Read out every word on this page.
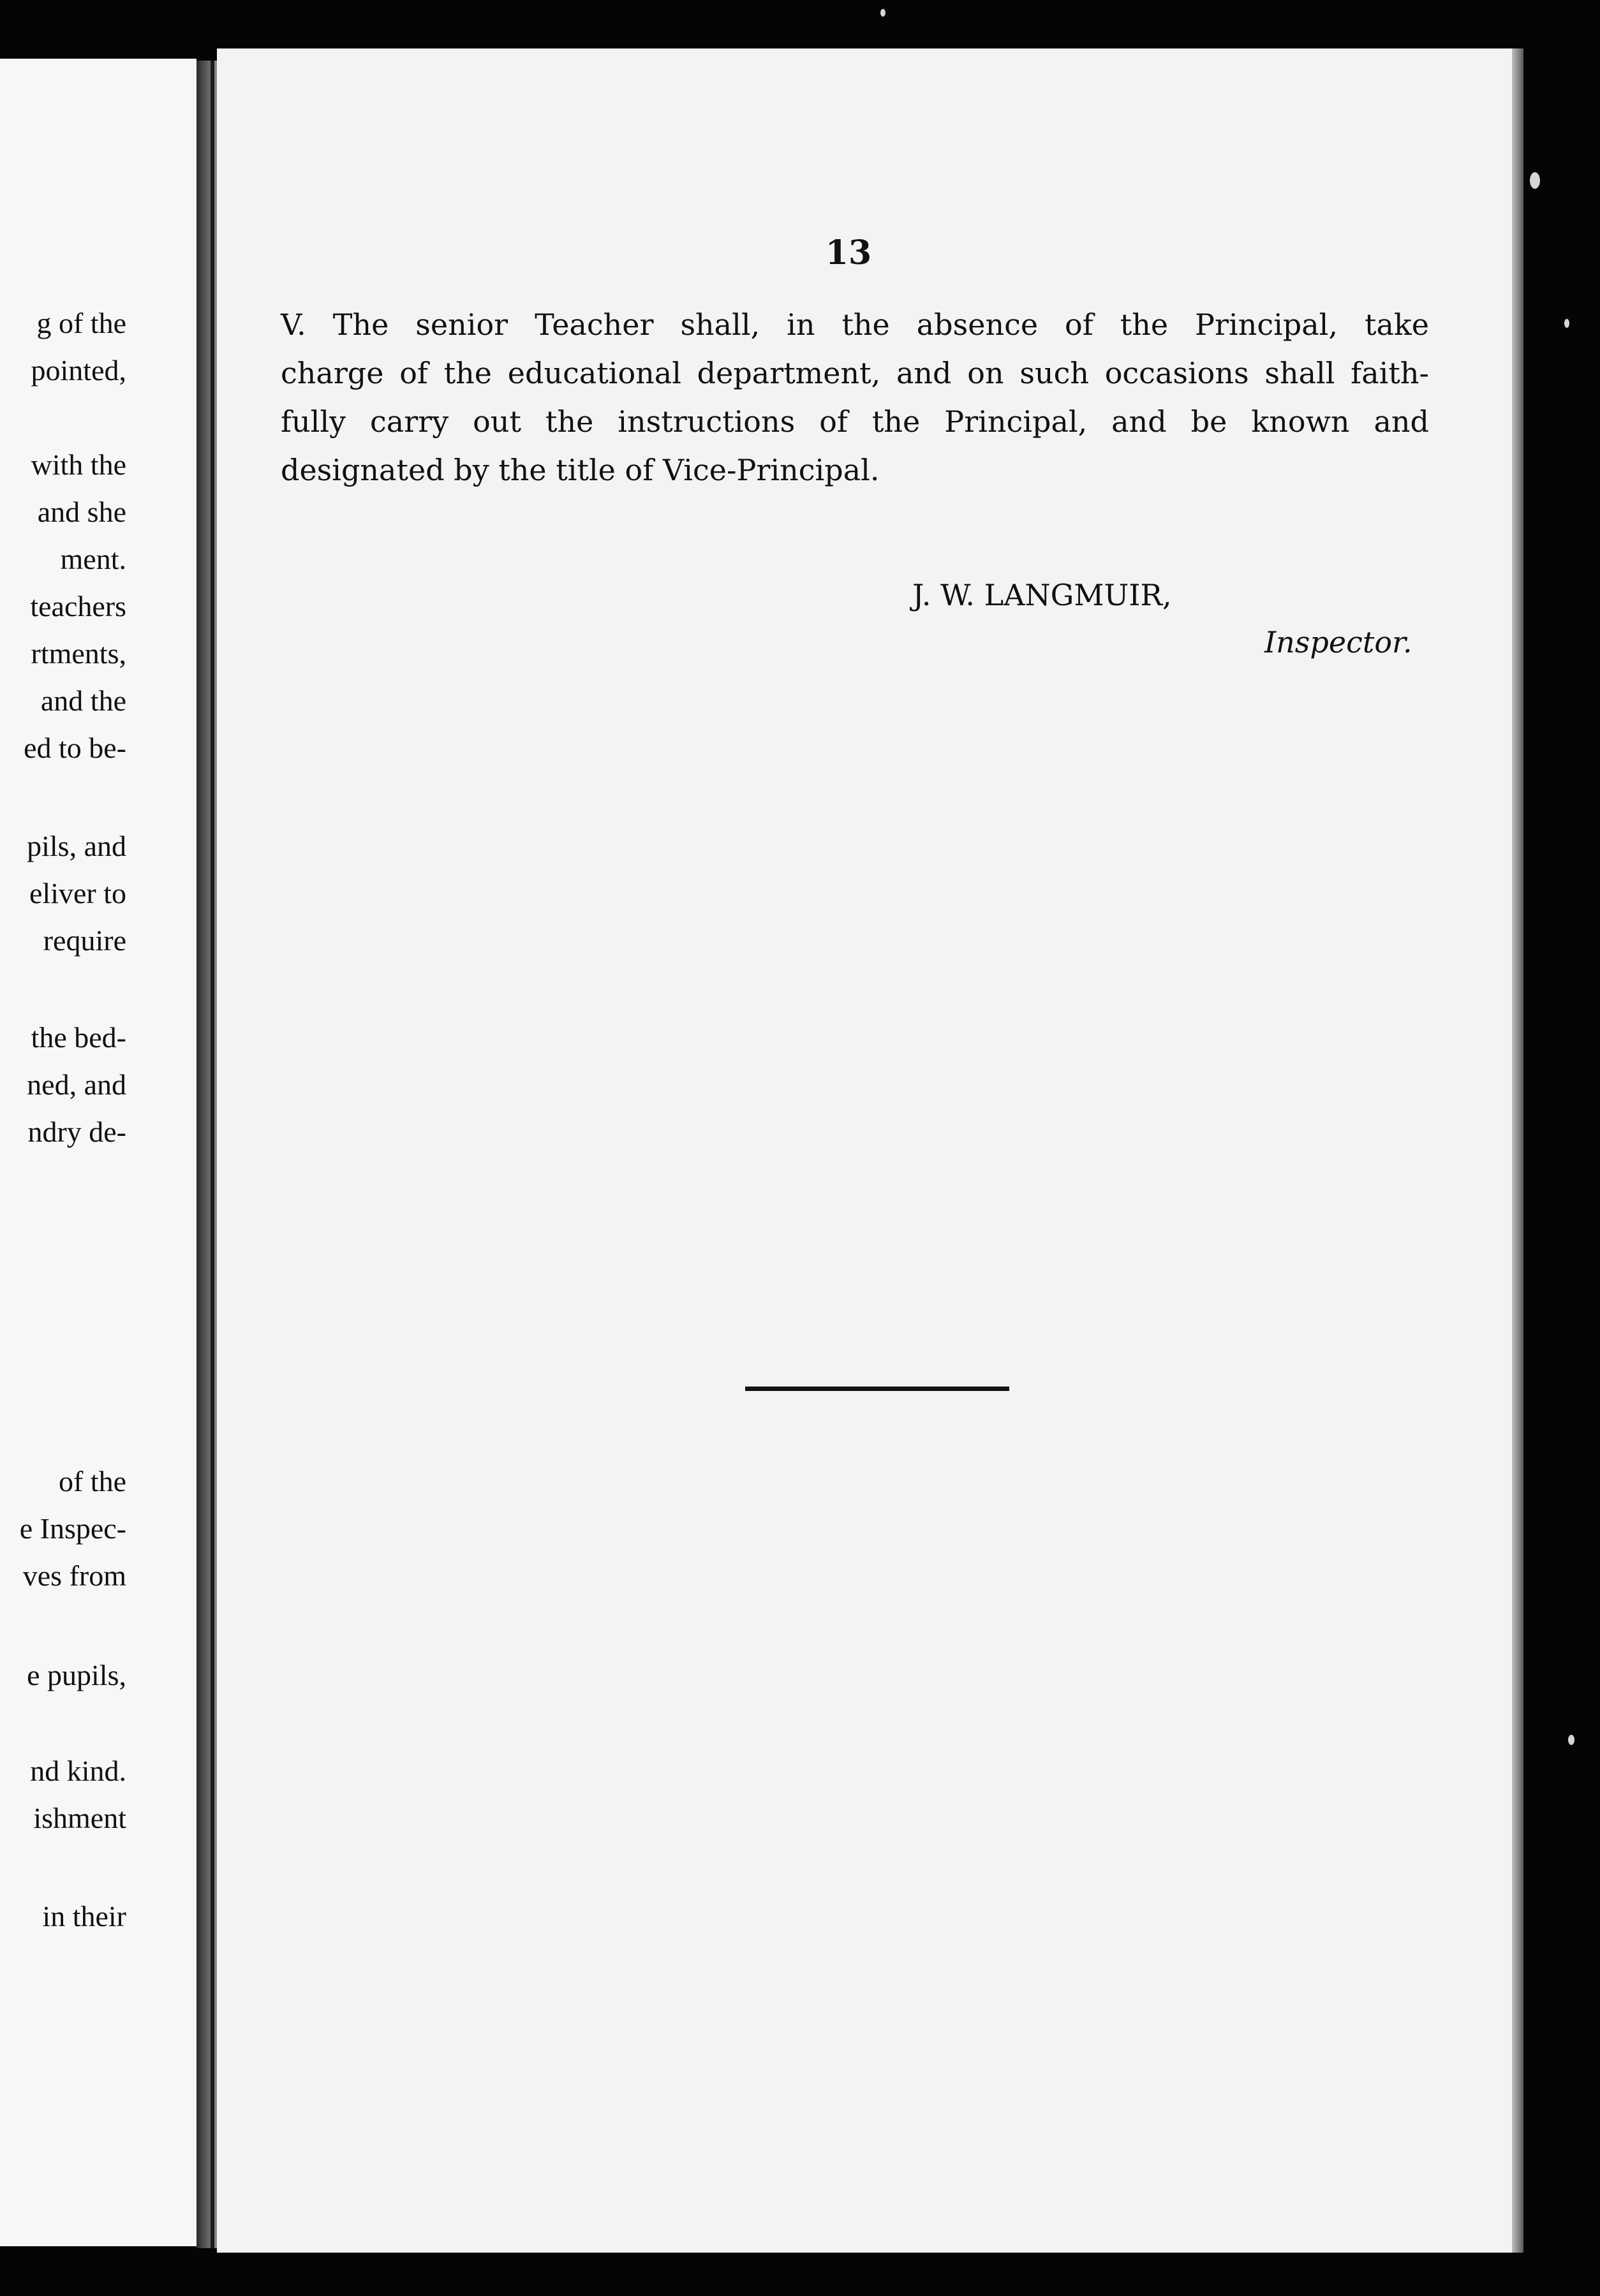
g of the
pointed,
with the
and she
ment.
teachers
rtments,
and the
ed to be-
pils, and
eliver to
require
the bed-
ned, and
ndry de-
of the
e Inspec-
ves from
e pupils,
nd kind.
ishment
in their
13
V. The senior Teacher shall, in the absence of the Principal, take
charge of the educational department, and on such occasions shall faith-
fully carry out the instructions of the Principal, and be known and
designated by the title of Vice-Principal.
J. W. LANGMUIR,
Inspector.
